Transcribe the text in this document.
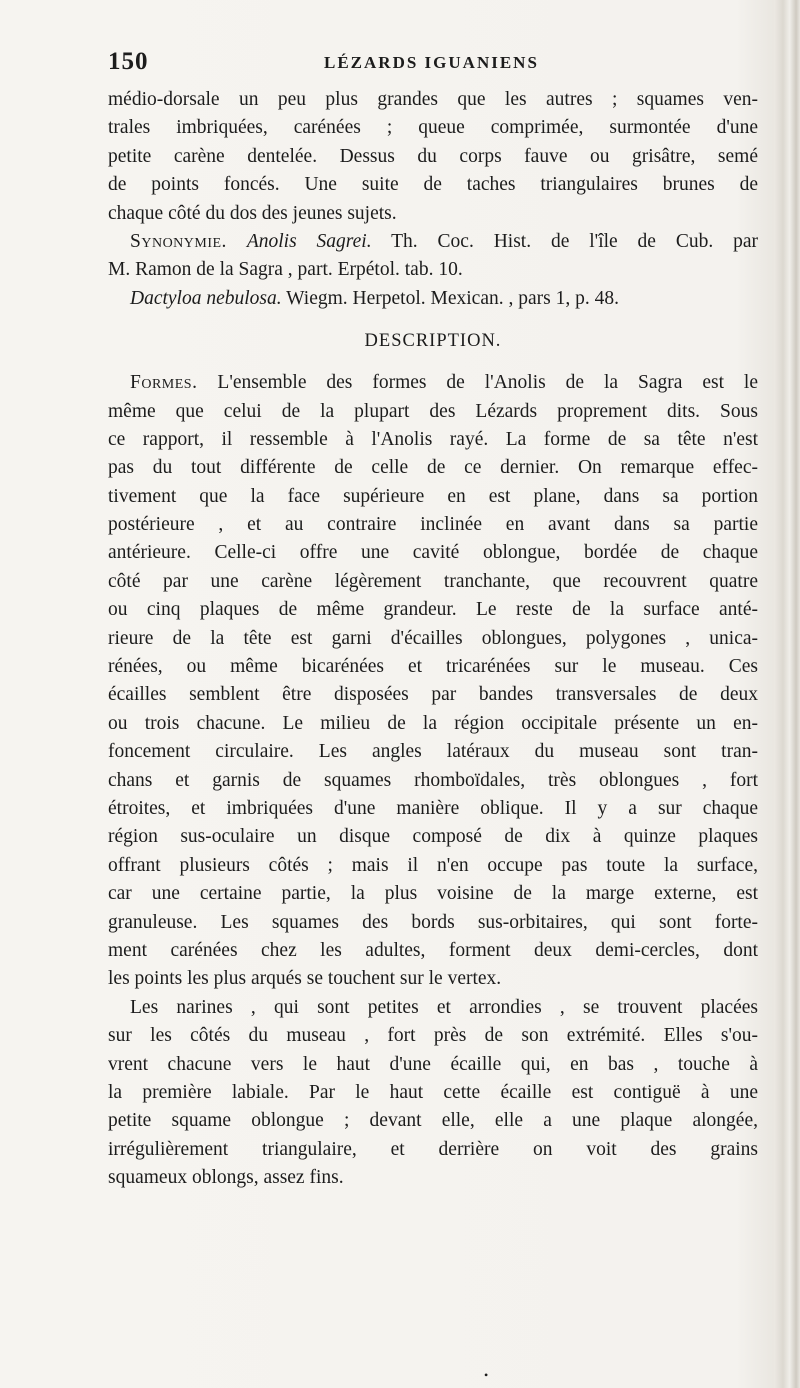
150	LÉZARDS IGUANIENS
médio-dorsale un peu plus grandes que les autres ; squames ven-
trales imbriquées, carénées ; queue comprimée, surmontée d'une
petite carène dentelée. Dessus du corps fauve ou grisâtre, semé
de points foncés. Une suite de taches triangulaires brunes de
chaque côté du dos des jeunes sujets.
Synonymie. Anolis Sagrei. Th. Coc. Hist. de l'île de Cub. par
M. Ramon de la Sagra , part. Erpétol. tab. 10.
Dactyloa nebulosa. Wiegm. Herpetol. Mexican. , pars 1, p. 48.
DESCRIPTION.
Formes. L'ensemble des formes de l'Anolis de la Sagra est le
même que celui de la plupart des Lézards proprement dits. Sous
ce rapport, il ressemble à l'Anolis rayé. La forme de sa tête n'est
pas du tout différente de celle de ce dernier. On remarque effec-
tivement que la face supérieure en est plane, dans sa portion
postérieure , et au contraire inclinée en avant dans sa partie
antérieure. Celle-ci offre une cavité oblongue, bordée de chaque
côté par une carène légèrement tranchante, que recouvrent quatre
ou cinq plaques de même grandeur. Le reste de la surface anté-
rieure de la tête est garni d'écailles oblongues, polygones , unica-
rénées, ou même bicarénées et tricarénées sur le museau. Ces
écailles semblent être disposées par bandes transversales de deux
ou trois chacune. Le milieu de la région occipitale présente un en-
foncement circulaire. Les angles latéraux du museau sont tran-
chans et garnis de squames rhomboïdales, très oblongues , fort
étroites, et imbriquées d'une manière oblique. Il y a sur chaque
région sus-oculaire un disque composé de dix à quinze plaques
offrant plusieurs côtés ; mais il n'en occupe pas toute la surface,
car une certaine partie, la plus voisine de la marge externe, est
granuleuse. Les squames des bords sus-orbitaires, qui sont forte-
ment carénées chez les adultes, forment deux demi-cercles, dont
les points les plus arqués se touchent sur le vertex.
Les narines , qui sont petites et arrondies , se trouvent placées
sur les côtés du museau , fort près de son extrémité. Elles s'ou-
vrent chacune vers le haut d'une écaille qui, en bas , touche à
la première labiale. Par le haut cette écaille est contiguë à une
petite squame oblongue ; devant elle, elle a une plaque alongée,
irrégulièrement triangulaire, et derrière on voit des grains
squameux oblongs, assez fins.
•
